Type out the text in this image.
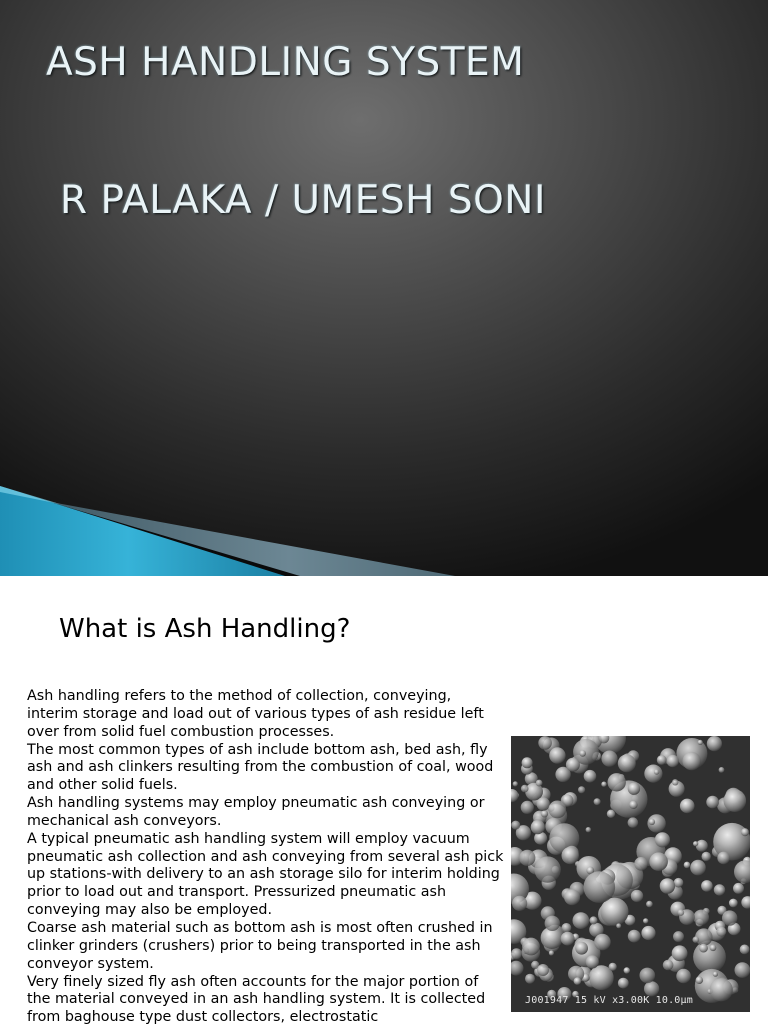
ASH HANDLING SYSTEM
R PALAKA / UMESH SONI
What is Ash Handling?

Ash handling refers to the method of collection, conveying, interim storage and load out of various types of ash residue left over from solid fuel combustion processes.

The most common types of ash include bottom ash, bed ash, fly ash and ash clinkers resulting from the combustion of coal, wood and other solid fuels.

Ash handling systems may employ pneumatic ash conveying or mechanical ash conveyors.

A typical pneumatic ash handling system will employ vacuum pneumatic ash collection and ash conveying from several ash pick up stations-with delivery to an ash storage silo for interim holding prior to load out and transport. Pressurized pneumatic ash conveying may also be employed.

Coarse ash material such as bottom ash is most often crushed in clinker grinders (crushers) prior to being transported in the ash conveyor system.

Very finely sized fly ash often accounts for the major portion of the material conveyed in an ash handling system. It is collected from baghouse type dust collectors, electrostatic

J001947 15 kV x3.00K 10.0µm
